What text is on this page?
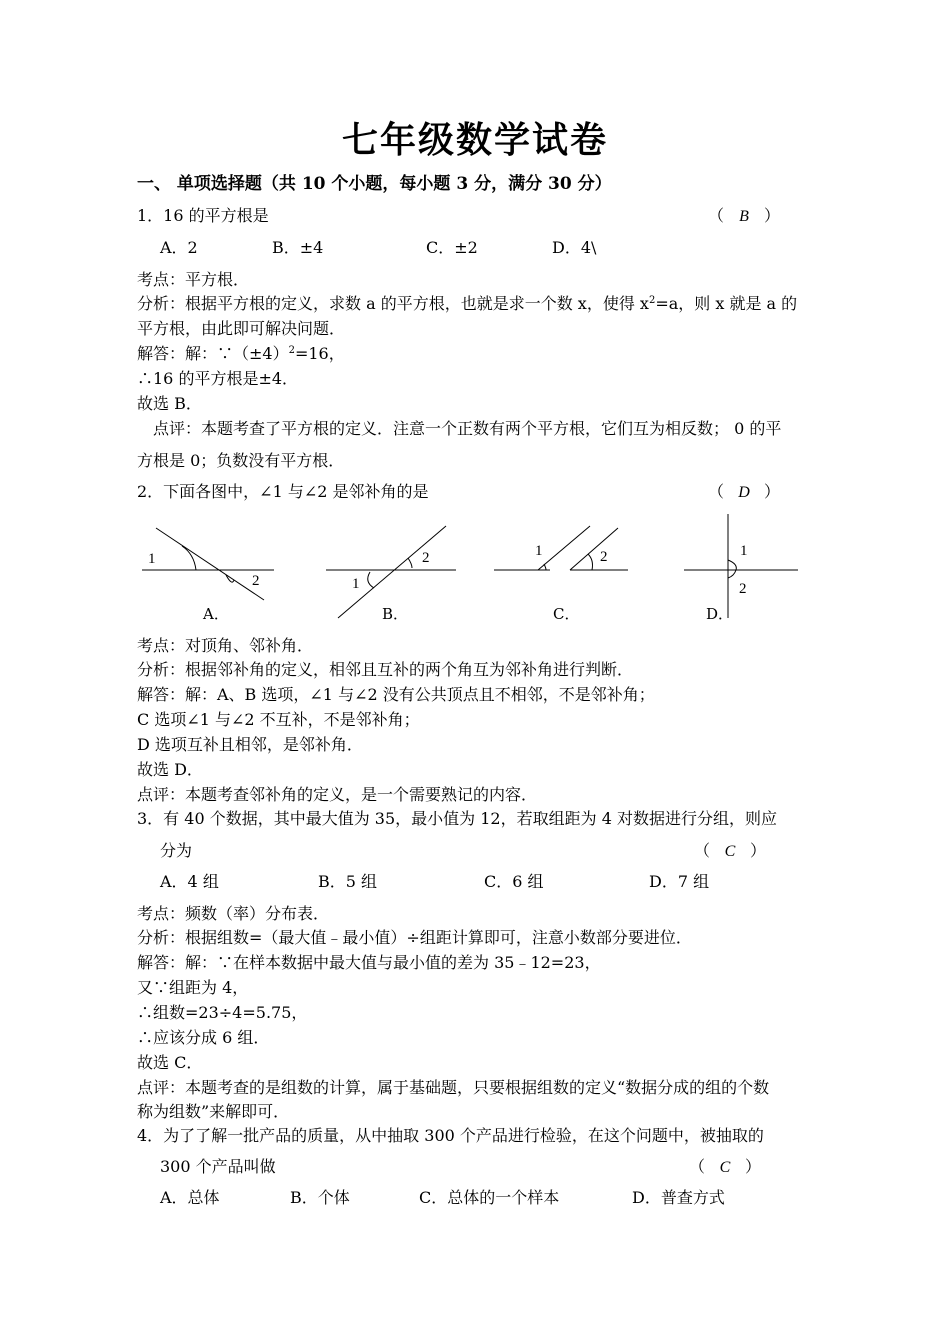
七年级数学试卷
一、 单项选择题（共 10 个小题，每小题 3 分，满分 30 分）
1．16 的平方根是	（ B ）
A．2	B．±4	C．±2	D．4\
考点：平方根．
分析：根据平方根的定义，求数 a 的平方根，也就是求一个数 x，使得 $x^2=a$，则 x 就是 a 的
平方根，由此即可解决问题．
解答：解：$\because(\pm 4)^2=16$，
∴16 的平方根是±4．
故选 B．
点评：本题考查了平方根的定义．注意一个正数有两个平方根，它们互为相反数； 0 的平
方根是 0；负数没有平方根．
2．下面各图中，∠1 与∠2 是邻补角的是	（ D ）
1
2
A．
1
2
B．
1	2
C．
1
2
D．
考点：对顶角、邻补角．
分析：根据邻补角的定义，相邻且互补的两个角互为邻补角进行判断．
解答：解：A、B 选项，∠1 与∠2 没有公共顶点且不相邻，不是邻补角；
C 选项∠1 与∠2 不互补，不是邻补角；
D 选项互补且相邻，是邻补角．
故选 D．
点评：本题考查邻补角的定义，是一个需要熟记的内容．
3．有 40 个数据，其中最大值为 35，最小值为 12，若取组距为 4 对数据进行分组，则应
分为	（ C ）
A．4 组	B．5 组	C．6 组	D．7 组
考点：频数（率）分布表．
分析：根据组数=（最大值﹣最小值）÷组距计算即可，注意小数部分要进位．
解答：解：∵在样本数据中最大值与最小值的差为 35﹣12=23，
又∵组距为 4，
∴组数=23÷4=5.75，
∴应该分成 6 组．
故选 C．
点评：本题考查的是组数的计算，属于基础题，只要根据组数的定义“数据分成的组的个数
称为组数”来解即可．
4．为了了解一批产品的质量，从中抽取 300 个产品进行检验，在这个问题中，被抽取的
300 个产品叫做	（ C ）
A．总体	B．个体	C．总体的一个样本	D．普查方式
